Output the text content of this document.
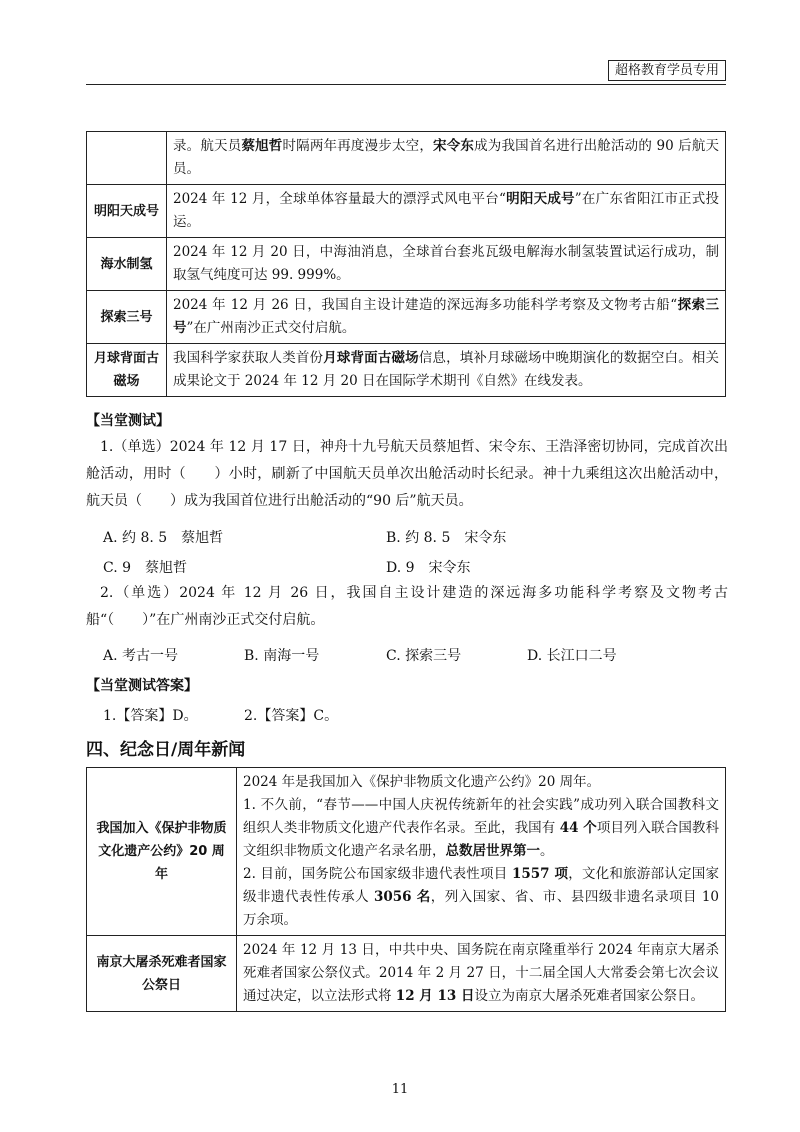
超格教育学员专用
	录。航天员蔡旭哲时隔两年再度漫步太空，宋令东成为我国首名进行出舱活动的 90 后航天员。
明阳天成号	2024 年 12 月，全球单体容量最大的漂浮式风电平台“明阳天成号”在广东省阳江市正式投运。
海水制氢	2024 年 12 月 20 日，中海油消息，全球首台套兆瓦级电解海水制氢装置试运行成功，制取氢气纯度可达 99. 999%。
探索三号	2024 年 12 月 26 日，我国自主设计建造的深远海多功能科学考察及文物考古船“探索三号”在广州南沙正式交付启航。
月球背面古磁场	我国科学家获取人类首份月球背面古磁场信息，填补月球磁场中晚期演化的数据空白。相关成果论文于 2024 年 12 月 20 日在国际学术期刊《自然》在线发表。
【当堂测试】
1.（单选）2024 年 12 月 17 日，神舟十九号航天员蔡旭哲、宋令东、王浩泽密切协同，完成首次出舱活动，用时（　　）小时，刷新了中国航天员单次出舱活动时长纪录。神十九乘组这次出舱活动中，航天员（　　）成为我国首位进行出舱活动的“90 后”航天员。
A. 约 8. 5　蔡旭哲	B. 约 8. 5　宋令东
C. 9　蔡旭哲	D. 9　宋令东
2.（单选）2024 年 12 月 26 日，我国自主设计建造的深远海多功能科学考察及文物考古船“（　　）”在广州南沙正式交付启航。
A. 考古一号	B. 南海一号	C. 探索三号	D. 长江口二号
【当堂测试答案】
1.【答案】D。	2.【答案】C。
四、纪念日/周年新闻
我国加入《保护非物质文化遗产公约》20 周年	2024 年是我国加入《保护非物质文化遗产公约》20 周年。
1. 不久前，“春节——中国人庆祝传统新年的社会实践”成功列入联合国教科文组织人类非物质文化遗产代表作名录。至此，我国有 44 个项目列入联合国教科文组织非物质文化遗产名录名册，总数居世界第一。
2. 目前，国务院公布国家级非遗代表性项目 1557 项，文化和旅游部认定国家级非遗代表性传承人 3056 名，列入国家、省、市、县四级非遗名录项目 10 万余项。
南京大屠杀死难者国家公祭日	2024 年 12 月 13 日，中共中央、国务院在南京隆重举行 2024 年南京大屠杀死难者国家公祭仪式。2014 年 2 月 27 日，十二届全国人大常委会第七次会议通过决定，以立法形式将 12 月 13 日设立为南京大屠杀死难者国家公祭日。
11
